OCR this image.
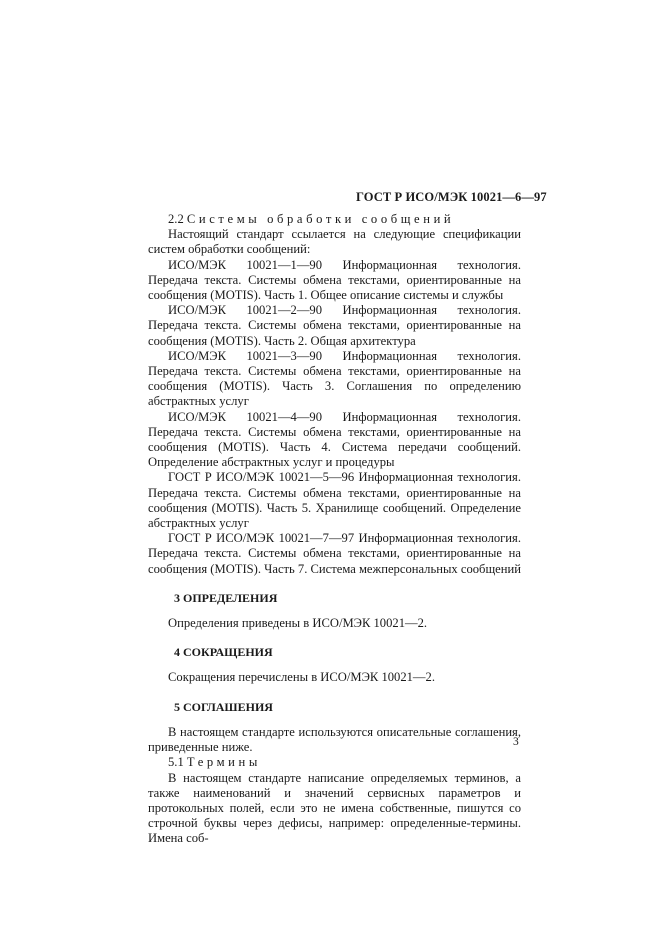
ГОСТ Р ИСО/МЭК 10021—6—97

2.2 Системы обработки сообщений

Настоящий стандарт ссылается на следующие спецификации систем обработки сообщений:

ИСО/МЭК 10021—1—90 Информационная технология. Передача текста. Системы обмена текстами, ориентированные на сообщения (MOTIS). Часть 1. Общее описание системы и службы

ИСО/МЭК 10021—2—90 Информационная технология. Передача текста. Системы обмена текстами, ориентированные на сообщения (MOTIS). Часть 2. Общая архитектура

ИСО/МЭК 10021—3—90 Информационная технология. Передача текста. Системы обмена текстами, ориентированные на сообщения (MOTIS). Часть 3. Соглашения по определению абстрактных услуг

ИСО/МЭК 10021—4—90 Информационная технология. Передача текста. Системы обмена текстами, ориентированные на сообщения (MOTIS). Часть 4. Система передачи сообщений. Определение абстрактных услуг и процедуры

ГОСТ Р ИСО/МЭК 10021—5—96 Информационная технология. Передача текста. Системы обмена текстами, ориентированные на сообщения (MOTIS). Часть 5. Хранилище сообщений. Определение абстрактных услуг

ГОСТ Р ИСО/МЭК 10021—7—97 Информационная технология. Передача текста. Системы обмена текстами, ориентированные на сообщения (MOTIS). Часть 7. Система межперсональных сообщений

3 ОПРЕДЕЛЕНИЯ

Определения приведены в ИСО/МЭК 10021—2.

4 СОКРАЩЕНИЯ

Сокращения перечислены в ИСО/МЭК 10021—2.

5 СОГЛАШЕНИЯ

В настоящем стандарте используются описательные соглашения, приведенные ниже.

5.1 Термины

В настоящем стандарте написание определяемых терминов, а также наименований и значений сервисных параметров и протокольных полей, если это не имена собственные, пишутся со строчной буквы через дефисы, например: определенные-термины. Имена соб-

3
